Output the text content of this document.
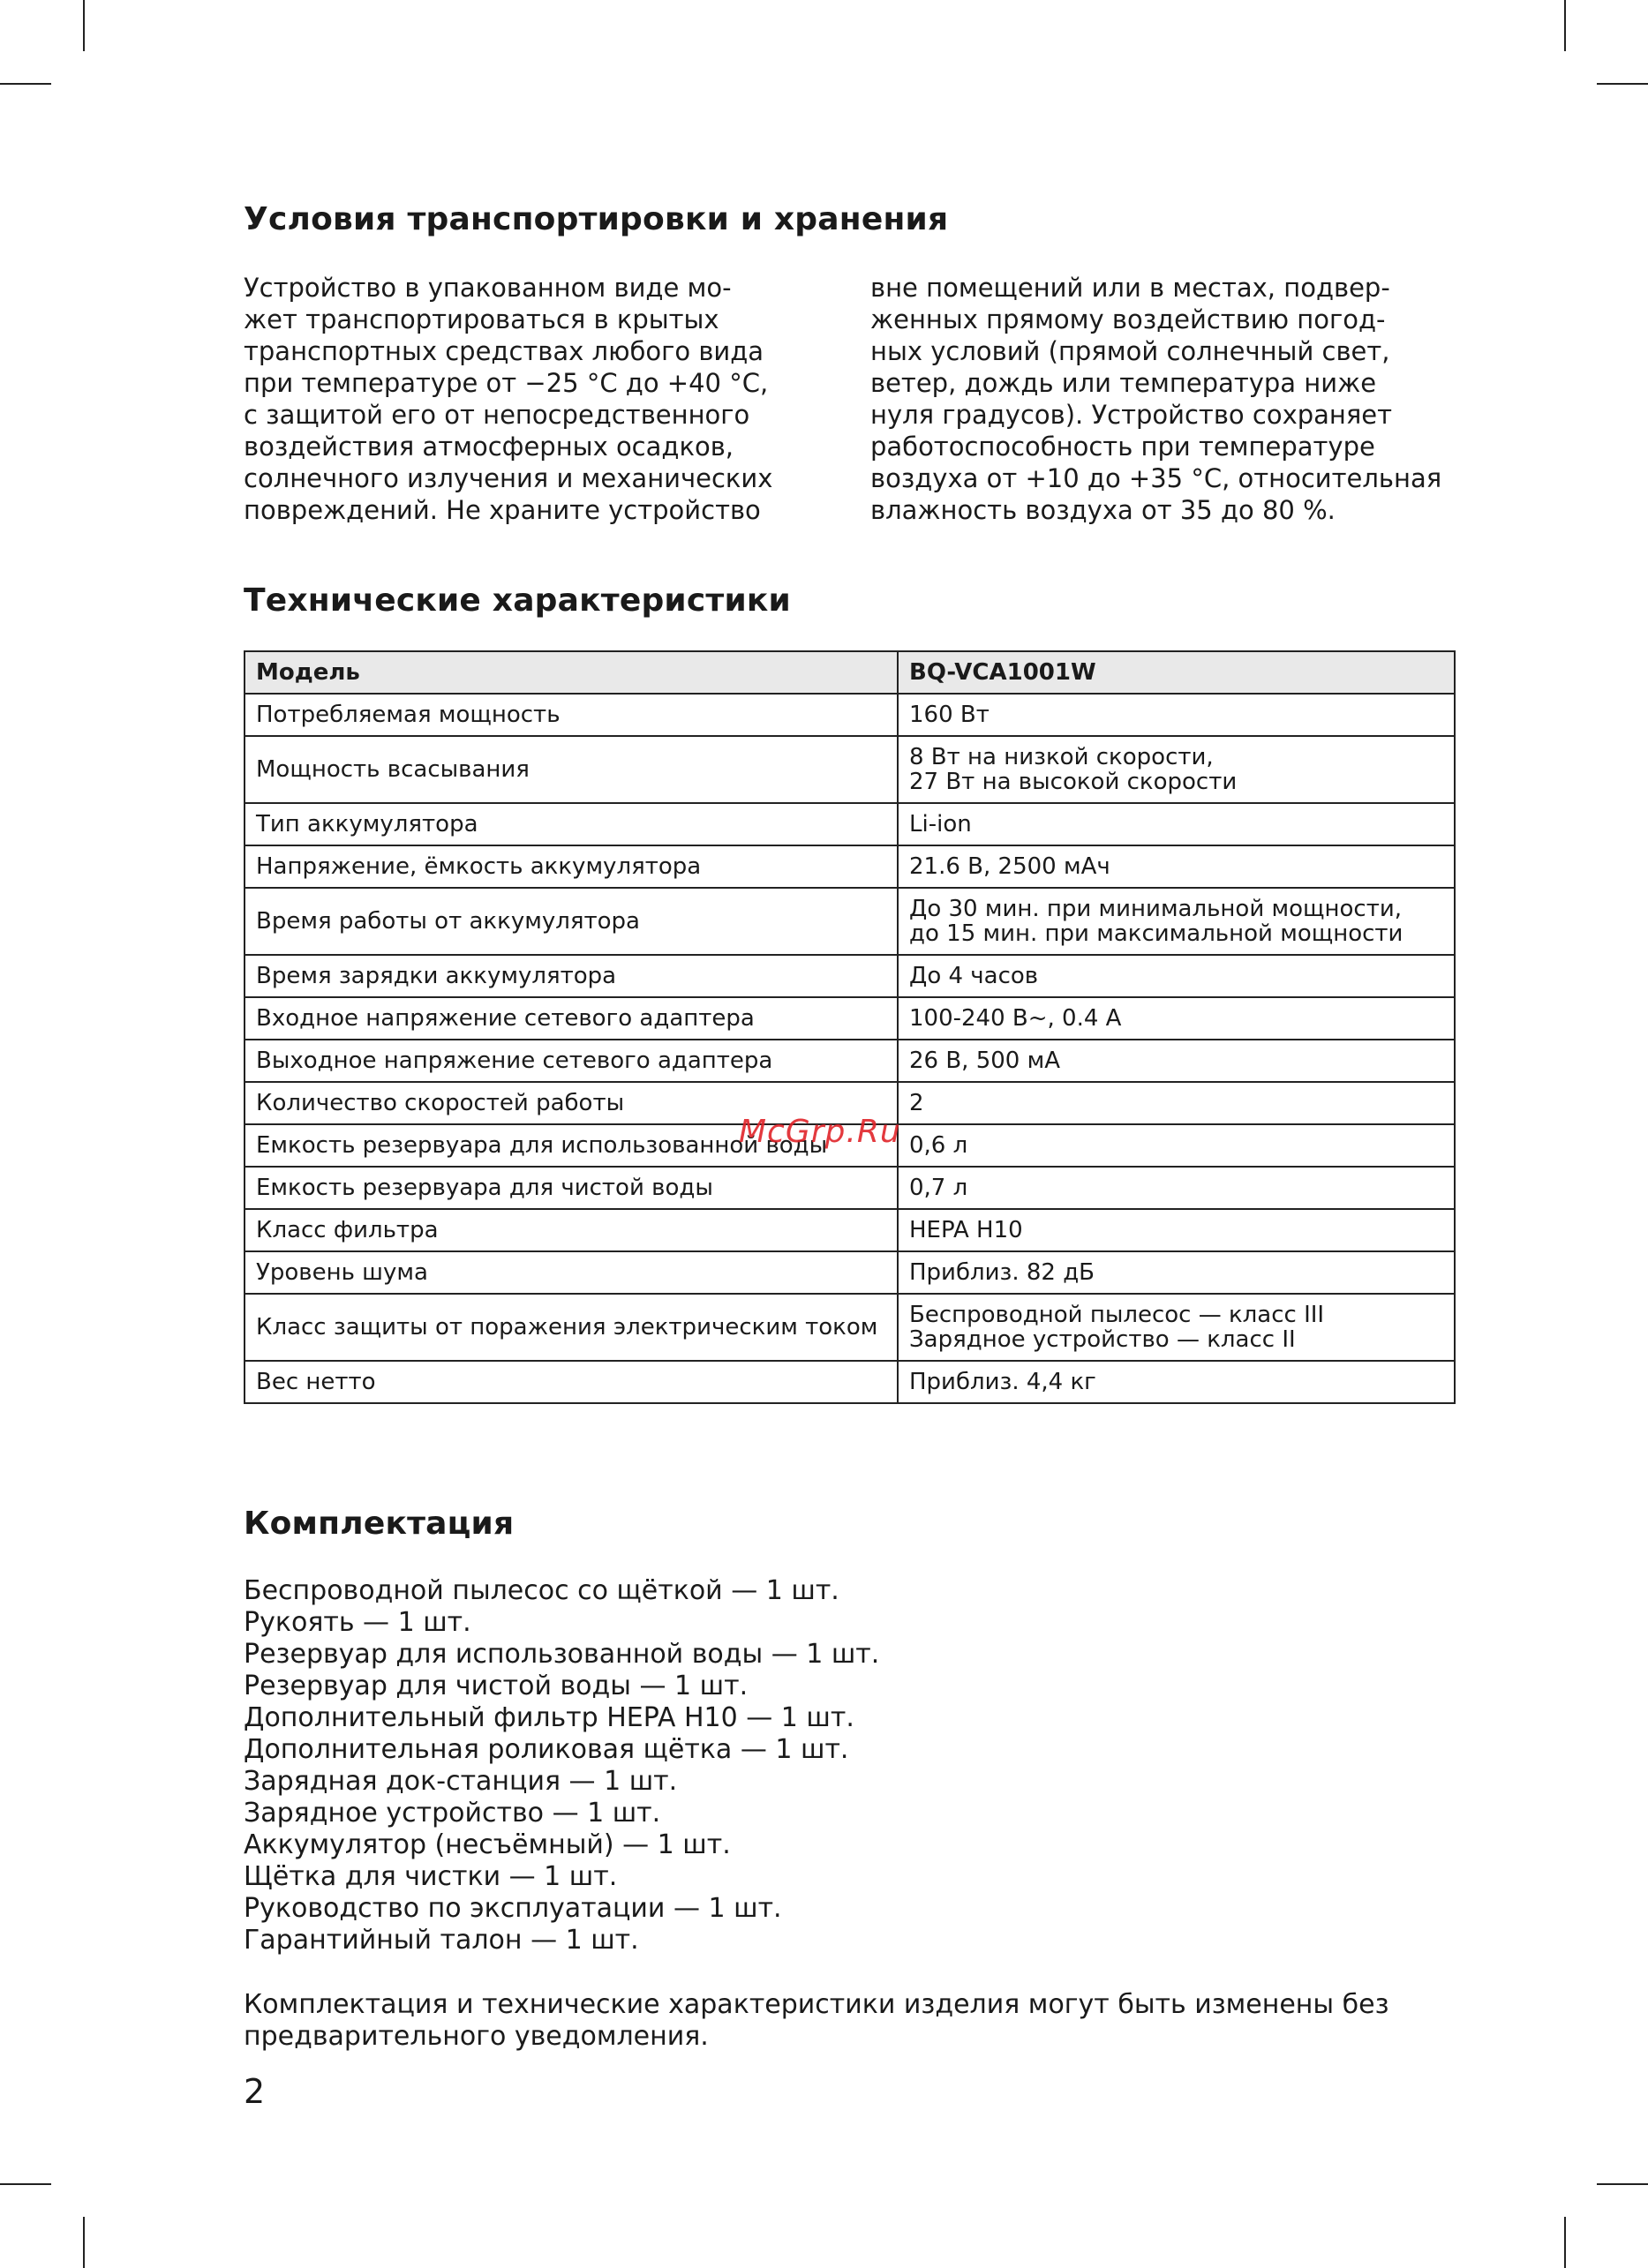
Условия транспортировки и хранения

Устройство в упакованном виде мо-
жет транспортироваться в крытых
транспортных средствах любого вида
при температуре от −25 °C до +40 °C,
с защитой его от непосредственного
воздействия атмосферных осадков,
солнечного излучения и механических
повреждений. Не храните устройство

вне помещений или в местах, подвер-
женных прямому воздействию погод-
ных условий (прямой солнечный свет,
ветер, дождь или температура ниже
нуля градусов). Устройство сохраняет
работоспособность при температуре
воздуха от +10 до +35 °C, относительная
влажность воздуха от 35 до 80 %.

Технические характеристики
Модель	BQ-VCA1001W
Потребляемая мощность	160 Вт

Мощность всасывания	8 Вт на низкой скорости,
27 Вт на высокой скорости

Тип аккумулятора	Li-ion

Напряжение, ёмкость аккумулятора	21.6 В, 2500 мАч

Время работы от аккумулятора	До 30 мин. при минимальной мощности,
до 15 мин. при максимальной мощности

Время зарядки аккумулятора	До 4 часов

Входное напряжение сетевого адаптера	100-240 В~, 0.4 А

Выходное напряжение сетевого адаптера	26 В, 500 мА

Количество скоростей работы	2

Емкость резервуара для использованной воды	0,6 л

Емкость резервуара для чистой воды	0,7 л

Класс фильтра	HEPA H10

Уровень шума	Приблиз. 82 дБ

Класс защиты от поражения электрическим током	Беспроводной пылесос — класс III
Зарядное устройство — класс II

Вес нетто	Приблиз. 4,4 кг
McGrp.Ru
Комплектация
Беспроводной пылесос со щёткой — 1 шт.
Рукоять — 1 шт.
Резервуар для использованной воды — 1 шт.
Резервуар для чистой воды — 1 шт.
Дополнительный фильтр HEPA H10 — 1 шт.
Дополнительная роликовая щётка — 1 шт.
Зарядная док-станция — 1 шт.
Зарядное устройство — 1 шт.
Аккумулятор (несъёмный) — 1 шт.
Щётка для чистки — 1 шт.
Руководство по эксплуатации — 1 шт.
Гарантийный талон — 1 шт.

Комплектация и технические характеристики изделия могут быть изменены без
предварительного уведомления.

2
